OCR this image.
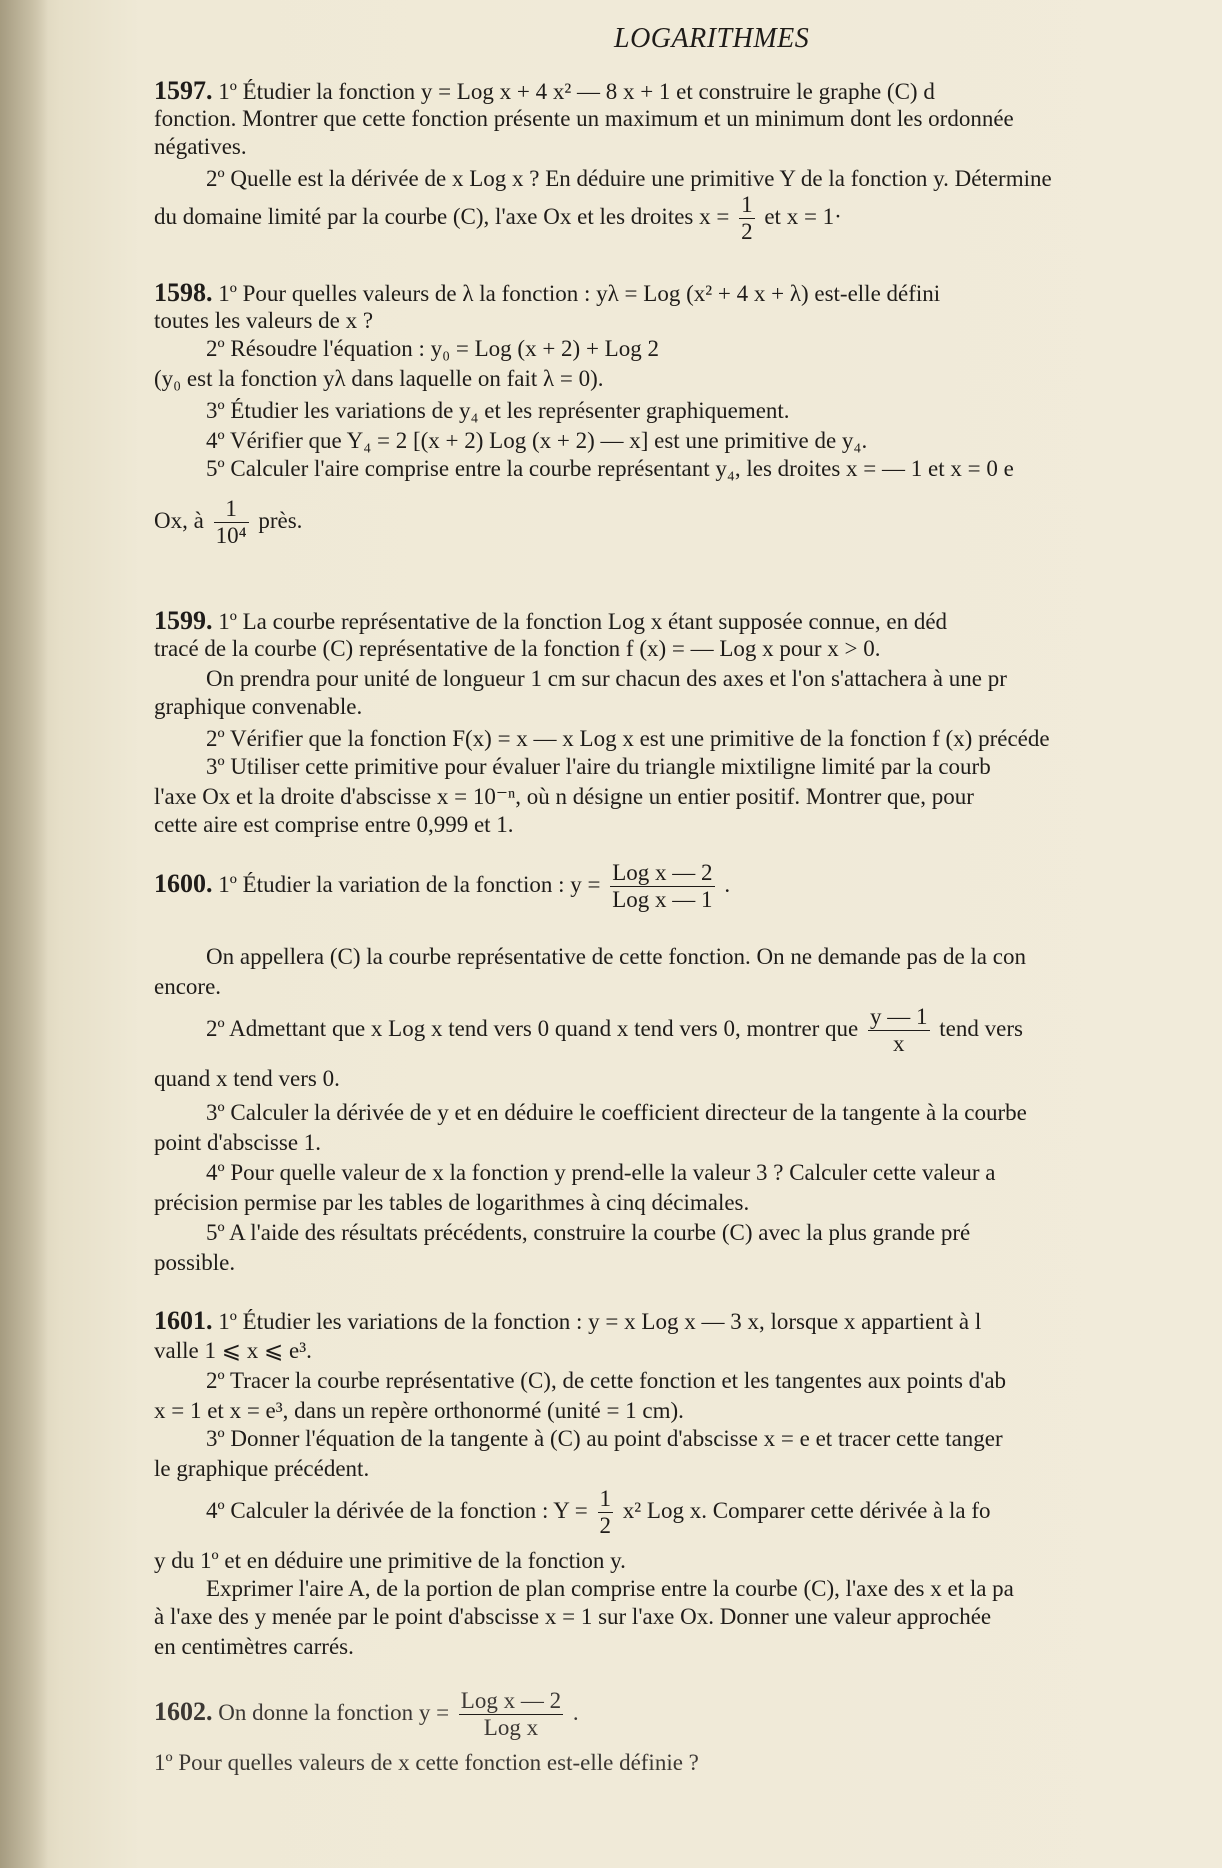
LOGARITHMES
1597. 1º Étudier la fonction y = Log x + 4 x² — 8 x + 1 et construire le graphe (C) d
fonction. Montrer que cette fonction présente un maximum et un minimum dont les ordonnée
négatives.
2º Quelle est la dérivée de x Log x ? En déduire une primitive Y de la fonction y. Détermine
du domaine limité par la courbe (C), l'axe Ox et les droites $x = \frac{1}{2}$ et x = 1·
1598. 1º Pour quelles valeurs de λ la fonction : yλ = Log (x² + 4 x + λ) est-elle défini
toutes les valeurs de x ?
2º Résoudre l'équation : y₀ = Log (x + 2) + Log 2
(y₀ est la fonction yλ dans laquelle on fait λ = 0).
3º Étudier les variations de y₄ et les représenter graphiquement.
4º Vérifier que Y₄ = 2 [(x + 2) Log (x + 2) — x] est une primitive de y₄.
5º Calculer l'aire comprise entre la courbe représentant y₄, les droites x = — 1 et x = 0 e
Ox, à $\frac{1}{\text{10⁴}}$ près.
1599. 1º La courbe représentative de la fonction Log x étant supposée connue, en déd
tracé de la courbe (C) représentative de la fonction f (x) = — Log x pour x > 0.
On prendra pour unité de longueur 1 cm sur chacun des axes et l'on s'attachera à une pr
graphique convenable.
2º Vérifier que la fonction F(x) = x — x Log x est une primitive de la fonction f (x) précéde
3º Utiliser cette primitive pour évaluer l'aire du triangle mixtiligne limité par la courb
l'axe Ox et la droite d'abscisse x = 10⁻ⁿ, où n désigne un entier positif. Montrer que, pour
cette aire est comprise entre 0,999 et 1.
1600. 1º Étudier la variation de la fonction : $y = \frac{\text{Log x — 2}}{\text{Log x — 1}}$ .
On appellera (C) la courbe représentative de cette fonction. On ne demande pas de la con
encore.
2º Admettant que x Log x tend vers 0 quand x tend vers 0, montrer que $\frac{y — 1}{x}$ tend vers
quand x tend vers 0.
3º Calculer la dérivée de y et en déduire le coefficient directeur de la tangente à la courbe
point d'abscisse 1.
4º Pour quelle valeur de x la fonction y prend-elle la valeur 3 ? Calculer cette valeur a
précision permise par les tables de logarithmes à cinq décimales.
5º A l'aide des résultats précédents, construire la courbe (C) avec la plus grande pré
possible.
1601. 1º Étudier les variations de la fonction : y = x Log x — 3 x, lorsque x appartient à l
valle 1 ⩽ x ⩽ e³.
2º Tracer la courbe représentative (C), de cette fonction et les tangentes aux points d'ab
x = 1 et x = e³, dans un repère orthonormé (unité = 1 cm).
3º Donner l'équation de la tangente à (C) au point d'abscisse x = e et tracer cette tanger
le graphique précédent.
4º Calculer la dérivée de la fonction : $Y = \frac{1}{2} x^2$ Log x. Comparer cette dérivée à la fo
y du 1º et en déduire une primitive de la fonction y.
Exprimer l'aire A, de la portion de plan comprise entre la courbe (C), l'axe des x et la pa
à l'axe des y menée par le point d'abscisse x = 1 sur l'axe Ox. Donner une valeur approchée
en centimètres carrés.
1602. On donne la fonction $y = \frac{\text{Log x — 2}}{\text{Log x}}$ .
1º Pour quelles valeurs de x cette fonction est-elle définie ?
